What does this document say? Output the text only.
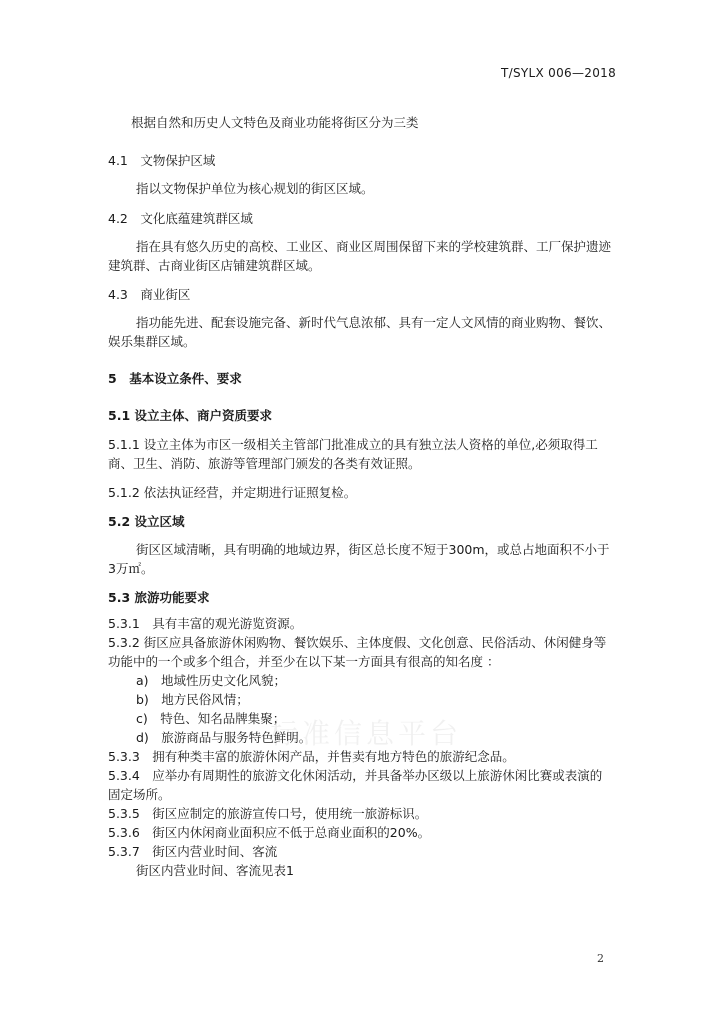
T/SYLX 006—2018
根据自然和历史人文特色及商业功能将街区分为三类
4.1　文物保护区域
指以文物保护单位为核心规划的街区区域。
4.2　文化底蕴建筑群区域
指在具有悠久历史的高校、工业区、商业区周围保留下来的学校建筑群、工厂保护遗迹
建筑群、古商业街区店铺建筑群区域。
4.3　商业街区
指功能先进、配套设施完备、新时代气息浓郁、具有一定人文风情的商业购物、餐饮、
娱乐集群区域。
5　基本设立条件、要求
5.1 设立主体、商户资质要求
5.1.1 设立主体为市区一级相关主管部门批准成立的具有独立法人资格的单位,必须取得工
商、卫生、消防、旅游等管理部门颁发的各类有效证照。
5.1.2 依法执证经营，并定期进行证照复检。
5.2 设立区域
街区区域清晰，具有明确的地域边界，街区总长度不短于300m，或总占地面积不小于
3万㎡。
5.3 旅游功能要求
5.3.1　具有丰富的观光游览资源。
5.3.2 街区应具备旅游休闲购物、餐饮娱乐、主体度假、文化创意、民俗活动、休闲健身等
功能中的一个或多个组合，并至少在以下某一方面具有很高的知名度 ：
a)　地域性历史文化风貌；
b)　地方民俗风情；
c)　特色、知名品牌集聚；
d)　旅游商品与服务特色鲜明。
5.3.3　拥有种类丰富的旅游休闲产品，并售卖有地方特色的旅游纪念品。
5.3.4　应举办有周期性的旅游文化休闲活动，并具备举办区级以上旅游休闲比赛或表演的
固定场所。
5.3.5　街区应制定的旅游宣传口号，使用统一旅游标识。
5.3.6　街区内休闲商业面积应不低于总商业面积的20%。
5.3.7　街区内营业时间、客流
街区内营业时间、客流见表1
标准信息平台
2
